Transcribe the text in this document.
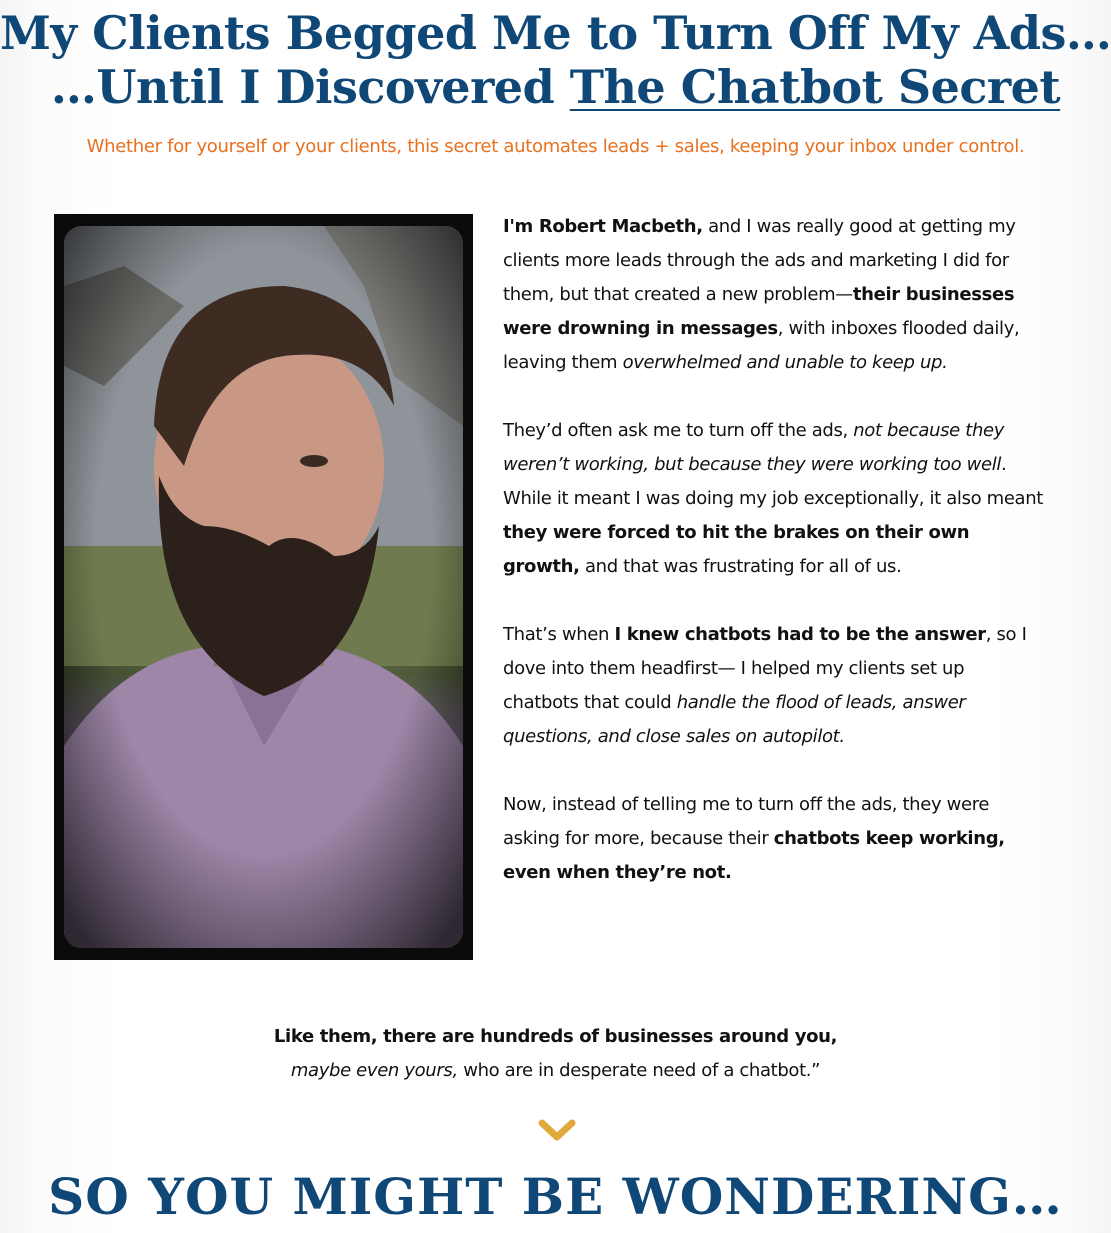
My Clients Begged Me to Turn Off My Ads…
…Until I Discovered The Chatbot Secret
Whether for yourself or your clients, this secret automates leads + sales, keeping your inbox under control.

I'm Robert Macbeth, and I was really good at getting my clients more leads through the ads and marketing I did for them, but that created a new problem—their businesses were drowning in messages, with inboxes flooded daily, leaving them overwhelmed and unable to keep up.

They’d often ask me to turn off the ads, not because they weren’t working, but because they were working too well. While it meant I was doing my job exceptionally, it also meant they were forced to hit the brakes on their own growth, and that was frustrating for all of us.

That’s when I knew chatbots had to be the answer, so I dove into them headfirst— I helped my clients set up chatbots that could handle the flood of leads, answer questions, and close sales on autopilot.

Now, instead of telling me to turn off the ads, they were asking for more, because their chatbots keep working, even when they’re not.

Like them, there are hundreds of businesses around you,
maybe even yours, who are in desperate need of a chatbot.”
SO YOU MIGHT BE WONDERING…
